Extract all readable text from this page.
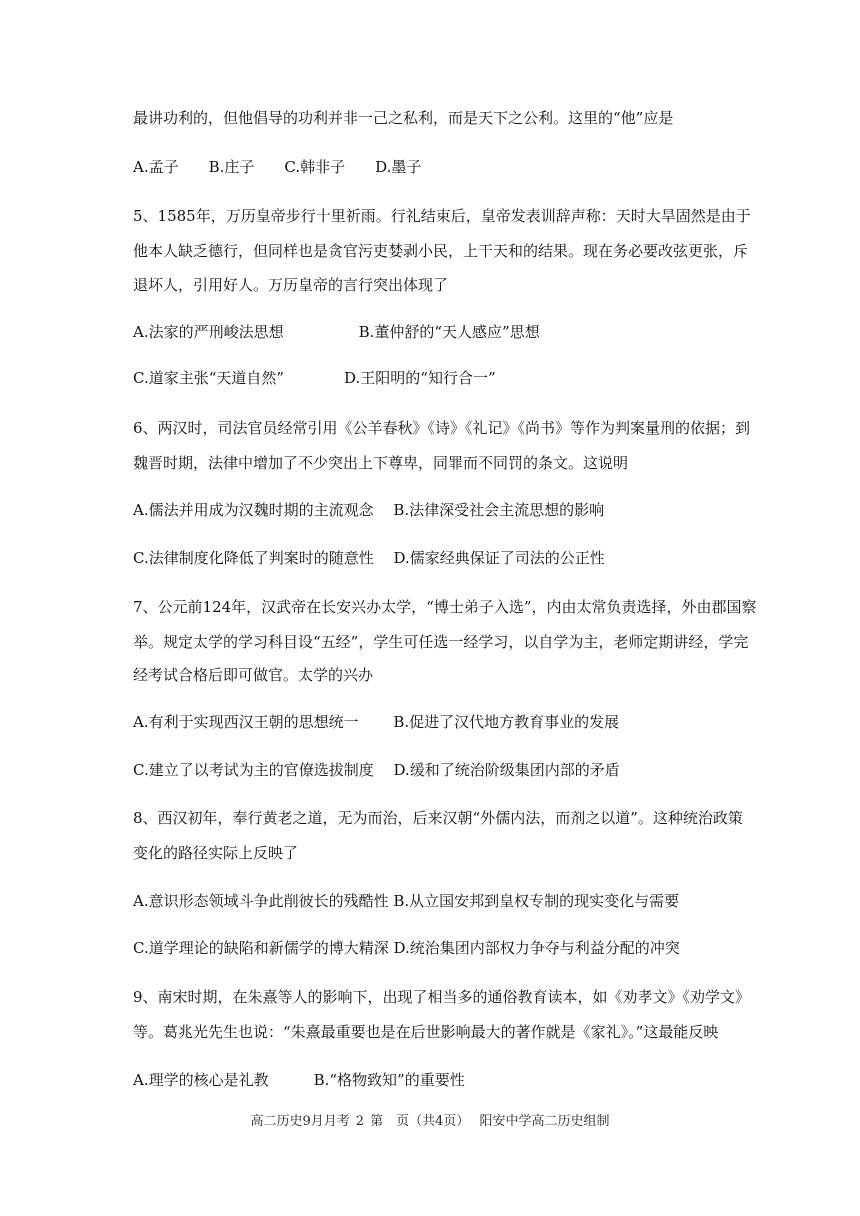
最讲功利的，但他倡导的功利并非一己之私利，而是天下之公利。这里的“他”应是
A.孟子　　B.庄子　　C.韩非子　　D.墨子
5、1585年，万历皇帝步行十里祈雨。行礼结束后，皇帝发表训辞声称：天时大旱固然是由于
他本人缺乏德行，但同样也是贪官污吏婪剥小民，上干天和的结果。现在务必要改弦更张，斥
退坏人，引用好人。万历皇帝的言行突出体现了
A.法家的严刑峻法思想　　　　　B.董仲舒的“天人感应”思想
C.道家主张“天道自然”　　　　D.王阳明的“知行合一”
6、两汉时，司法官员经常引用《公羊春秋》《诗》《礼记》《尚书》等作为判案量刑的依据；到
魏晋时期，法律中增加了不少突出上下尊卑，同罪而不同罚的条文。这说明
A.儒法并用成为汉魏时期的主流观念　 B.法律深受社会主流思想的影响
C.法律制度化降低了判案时的随意性　 D.儒家经典保证了司法的公正性
7、公元前124年，汉武帝在长安兴办太学，“博士弟子入选”，内由太常负责选择，外由郡国察
举。规定太学的学习科目设“五经”，学生可任选一经学习，以自学为主，老师定期讲经，学完
经考试合格后即可做官。太学的兴办
A.有利于实现西汉王朝的思想统一　　 B.促进了汉代地方教育事业的发展
C.建立了以考试为主的官僚选拔制度　 D.缓和了统治阶级集团内部的矛盾
8、西汉初年，奉行黄老之道，无为而治，后来汉朝“外儒内法，而剂之以道”。这种统治政策
变化的路径实际上反映了
A.意识形态领域斗争此削彼长的残酷性 B.从立国安邦到皇权专制的现实变化与需要
C.道学理论的缺陷和新儒学的博大精深 D.统治集团内部权力争夺与利益分配的冲突
9、南宋时期，在朱熹等人的影响下，出现了相当多的通俗教育读本，如《劝孝文》《劝学文》
等。葛兆光先生也说：“朱熹最重要也是在后世影响最大的著作就是《家礼》。”这最能反映
A.理学的核心是礼教　　　B.“格物致知”的重要性
高二历史9月月考 2 第　页（共4页） 阳安中学高二历史组制
